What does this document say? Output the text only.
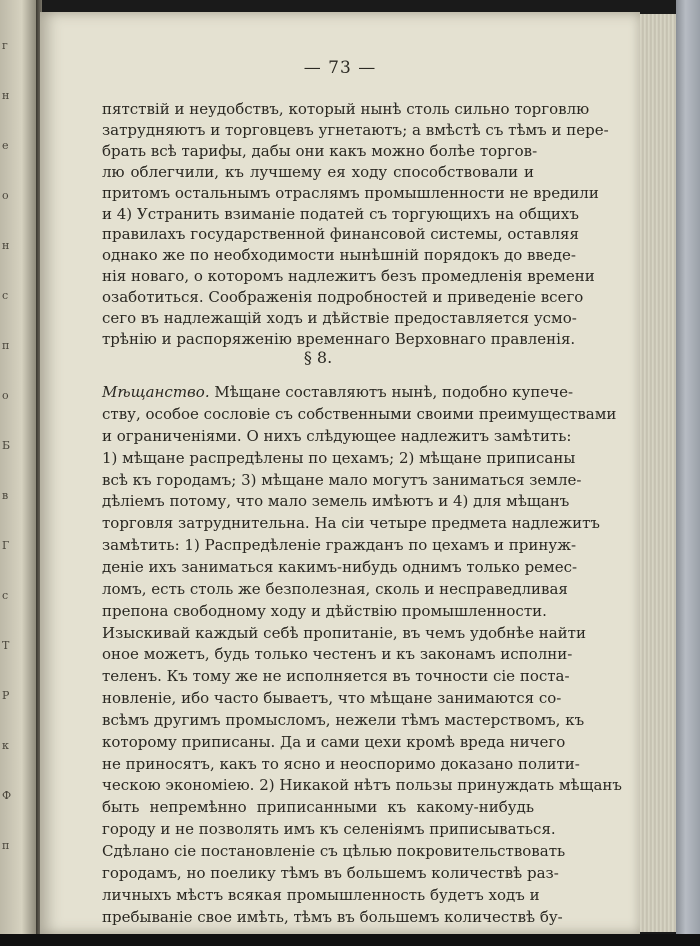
г
н
е
о
н
с
п
о
Б
в
Г
с
Т
Р
к
Ф
п
— 73 —
пятствій и неудобствъ, который нынѣ столь сильно торговлю
затрудняютъ и торговцевъ угнетаютъ; а вмѣстѣ съ тѣмъ и пере-
брать всѣ тарифы, дабы они какъ можно болѣе торгов-
лю облегчили, къ лучшему ея ходу способствовали и
притомъ остальнымъ отраслямъ промышленности не вредили
и 4) Устранить взиманіе податей съ торгующихъ на общихъ
правилахъ государственной финансовой системы, оставляя
однако же по необходимости нынѣшній порядокъ до введе-
нія новаго, о которомъ надлежитъ безъ промедленія времени
озаботиться. Соображенія подробностей и приведеніе всего
сего въ надлежащій ходъ и дѣйствіе предоставляется усмо-
трѣнію и распоряженію временнаго Верховнаго правленія.
§ 8.
Мѣщанство. Мѣщане составляютъ нынѣ, подобно купече-
ству, особое сословіе съ собственными своими преимуществами
и ограниченіями. О нихъ слѣдующее надлежитъ замѣтить:
1) мѣщане распредѣлены по цехамъ; 2) мѣщане приписаны
всѣ къ городамъ; 3) мѣщане мало могутъ заниматься земле-
дѣліемъ потому, что мало земель имѣютъ и 4) для мѣщанъ
торговля затруднительна. На сіи четыре предмета надлежитъ
замѣтить: 1) Распредѣленіе гражданъ по цехамъ и принуж-
деніе ихъ заниматься какимъ-нибудь однимъ только ремес-
ломъ, есть столь же безполезная, сколь и несправедливая
препона свободному ходу и дѣйствію промышленности.
Изыскивай каждый себѣ пропитаніе, въ чемъ удобнѣе найти
оное можетъ, будь только честенъ и къ законамъ исполни-
теленъ. Къ тому же не исполняется въ точности сіе поста-
новленіе, ибо часто бываетъ, что мѣщане занимаются со-
всѣмъ другимъ промысломъ, нежели тѣмъ мастерствомъ, къ
которому приписаны. Да и сами цехи кромѣ вреда ничего
не приносятъ, какъ то ясно и неоспоримо доказано полити-
ческою экономіею. 2) Никакой нѣтъ пользы принуждать мѣщанъ
быть непремѣнно приписанными къ какому-нибудь
городу и не позволять имъ къ селеніямъ приписываться.
Сдѣлано сіе постановленіе съ цѣлью покровительствовать
городамъ, но поелику тѣмъ въ большемъ количествѣ раз-
личныхъ мѣстъ всякая промышленность будетъ ходъ и
пребываніе свое имѣть, тѣмъ въ большемъ количествѣ бу-
